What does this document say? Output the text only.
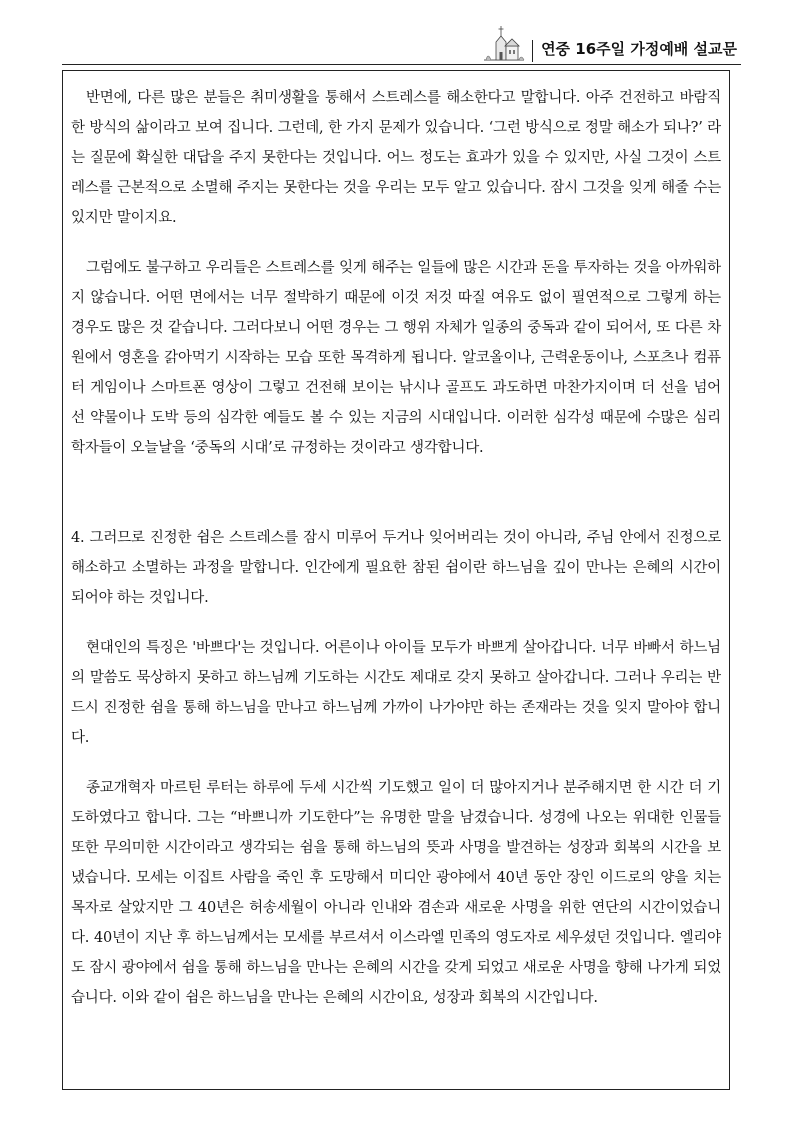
연중 16주일 가정예배 설교문

반면에, 다른 많은 분들은 취미생활을 통해서 스트레스를 해소한다고 말합니다. 아주 건전하고 바람직한 방식의 삶이라고 보여 집니다. 그런데, 한 가지 문제가 있습니다. ‘그런 방식으로 정말 해소가 되나?’ 라는 질문에 확실한 대답을 주지 못한다는 것입니다. 어느 정도는 효과가 있을 수 있지만, 사실 그것이 스트레스를 근본적으로 소멸해 주지는 못한다는 것을 우리는 모두 알고 있습니다. 잠시 그것을 잊게 해줄 수는 있지만 말이지요.

그럼에도 불구하고 우리들은 스트레스를 잊게 해주는 일들에 많은 시간과 돈을 투자하는 것을 아까워하지 않습니다. 어떤 면에서는 너무 절박하기 때문에 이것 저것 따질 여유도 없이 필연적으로 그렇게 하는 경우도 많은 것 같습니다. 그러다보니 어떤 경우는 그 행위 자체가 일종의 중독과 같이 되어서, 또 다른 차원에서 영혼을 갉아먹기 시작하는 모습 또한 목격하게 됩니다. 알코올이나, 근력운동이나, 스포츠나 컴퓨터 게임이나 스마트폰 영상이 그렇고 건전해 보이는 낚시나 골프도 과도하면 마찬가지이며 더 선을 넘어선 약물이나 도박 등의 심각한 예들도 볼 수 있는 지금의 시대입니다. 이러한 심각성 때문에 수많은 심리학자들이 오늘날을 ‘중독의 시대’로 규정하는 것이라고 생각합니다.

4. 그러므로 진정한 쉼은 스트레스를 잠시 미루어 두거나 잊어버리는 것이 아니라, 주님 안에서 진정으로 해소하고 소멸하는 과정을 말합니다. 인간에게 필요한 참된 쉼이란 하느님을 깊이 만나는 은혜의 시간이 되어야 하는 것입니다.

현대인의 특징은 '바쁘다'는 것입니다. 어른이나 아이들 모두가 바쁘게 살아갑니다. 너무 바빠서 하느님의 말씀도 묵상하지 못하고 하느님께 기도하는 시간도 제대로 갖지 못하고 살아갑니다. 그러나 우리는 반드시 진정한 쉼을 통해 하느님을 만나고 하느님께 가까이 나가야만 하는 존재라는 것을 잊지 말아야 합니다.

종교개혁자 마르틴 루터는 하루에 두세 시간씩 기도했고 일이 더 많아지거나 분주해지면 한 시간 더 기도하였다고 합니다. 그는 “바쁘니까 기도한다”는 유명한 말을 남겼습니다. 성경에 나오는 위대한 인물들 또한 무의미한 시간이라고 생각되는 쉼을 통해 하느님의 뜻과 사명을 발견하는 성장과 회복의 시간을 보냈습니다. 모세는 이집트 사람을 죽인 후 도망해서 미디안 광야에서 40년 동안 장인 이드로의 양을 치는 목자로 살았지만 그 40년은 허송세월이 아니라 인내와 겸손과 새로운 사명을 위한 연단의 시간이었습니다. 40년이 지난 후 하느님께서는 모세를 부르셔서 이스라엘 민족의 영도자로 세우셨던 것입니다. 엘리야도 잠시 광야에서 쉼을 통해 하느님을 만나는 은혜의 시간을 갖게 되었고 새로운 사명을 향해 나가게 되었습니다. 이와 같이 쉼은 하느님을 만나는 은혜의 시간이요, 성장과 회복의 시간입니다.
